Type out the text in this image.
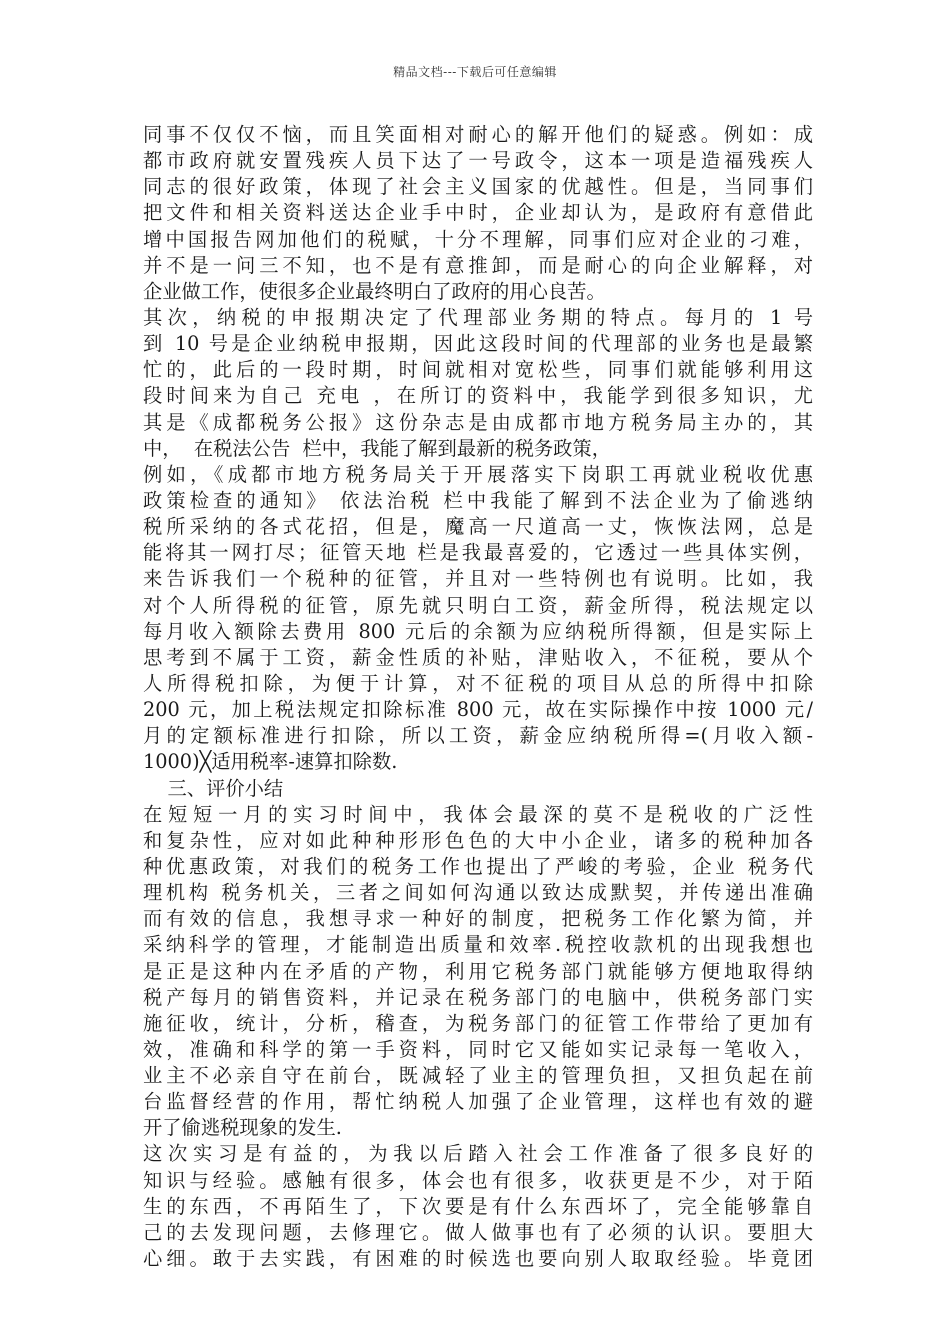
精品文档---下载后可任意编辑
同事不仅仅不恼，而且笑面相对耐心的解开他们的疑惑。例如：成
都市政府就安置残疾人员下达了一号政令，这本一项是造福残疾人
同志的很好政策，体现了社会主义国家的优越性。但是，当同事们
把文件和相关资料送达企业手中时，企业却认为，是政府有意借此
增中国报告网加他们的税赋，十分不理解，同事们应对企业的刁难，
并不是一问三不知，也不是有意推卸，而是耐心的向企业解释，对
企业做工作，使很多企业最终明白了政府的用心良苦。
其次，纳税的申报期决定了代理部业务期的特点。每月的 1 号
到 10 号是企业纳税申报期，因此这段时间的代理部的业务也是最繁
忙的，此后的一段时期，时间就相对宽松些，同事们就能够利用这
段时间来为自己 充电 ，在所订的资料中，我能学到很多知识，尤
其是《成都税务公报》这份杂志是由成都市地方税务局主办的，其
中，  在税法公告  栏中，我能了解到最新的税务政策，
例如，《成都市地方税务局关于开展落实下岗职工再就业税收优惠
政策检查的通知》 依法治税 栏中我能了解到不法企业为了偷逃纳
税所采纳的各式花招，但是，魔高一尺道高一丈，恢恢法网，总是
能将其一网打尽；征管天地 栏是我最喜爱的，它透过一些具体实例，
来告诉我们一个税种的征管，并且对一些特例也有说明。比如，我
对个人所得税的征管，原先就只明白工资，薪金所得，税法规定以
每月收入额除去费用 800 元后的余额为应纳税所得额，但是实际上
思考到不属于工资，薪金性质的补贴，津贴收入，不征税，要从个
人所得税扣除，为便于计算，对不征税的项目从总的所得中扣除
200 元，加上税法规定扣除标准 800 元，故在实际操作中按 1000 元/
月的定额标准进行扣除，所以工资，薪金应纳税所得=(月收入额-
1000)╳适用税率-速算扣除数.
三、评价小结
在短短一月的实习时间中，我体会最深的莫不是税收的广泛性
和复杂性，应对如此种种形形色色的大中小企业，诸多的税种加各
种优惠政策，对我们的税务工作也提出了严峻的考验，企业 税务代
理机构 税务机关，三者之间如何沟通以致达成默契，并传递出准确
而有效的信息，我想寻求一种好的制度，把税务工作化繁为简，并
采纳科学的管理，才能制造出质量和效率.税控收款机的出现我想也
是正是这种内在矛盾的产物，利用它税务部门就能够方便地取得纳
税产每月的销售资料，并记录在税务部门的电脑中，供税务部门实
施征收，统计，分析，稽查，为税务部门的征管工作带给了更加有
效，准确和科学的第一手资料，同时它又能如实记录每一笔收入，
业主不必亲自守在前台，既减轻了业主的管理负担，又担负起在前
台监督经营的作用，帮忙纳税人加强了企业管理，这样也有效的避
开了偷逃税现象的发生.
这次实习是有益的，为我以后踏入社会工作准备了很多良好的
知识与经验。感触有很多，体会也有很多，收获更是不少，对于陌
生的东西，不再陌生了，下次要是有什么东西坏了，完全能够靠自
己的去发现问题，去修理它。做人做事也有了必须的认识。要胆大
心细。敢于去实践，有困难的时候选也要向别人取取经验。毕竟团
